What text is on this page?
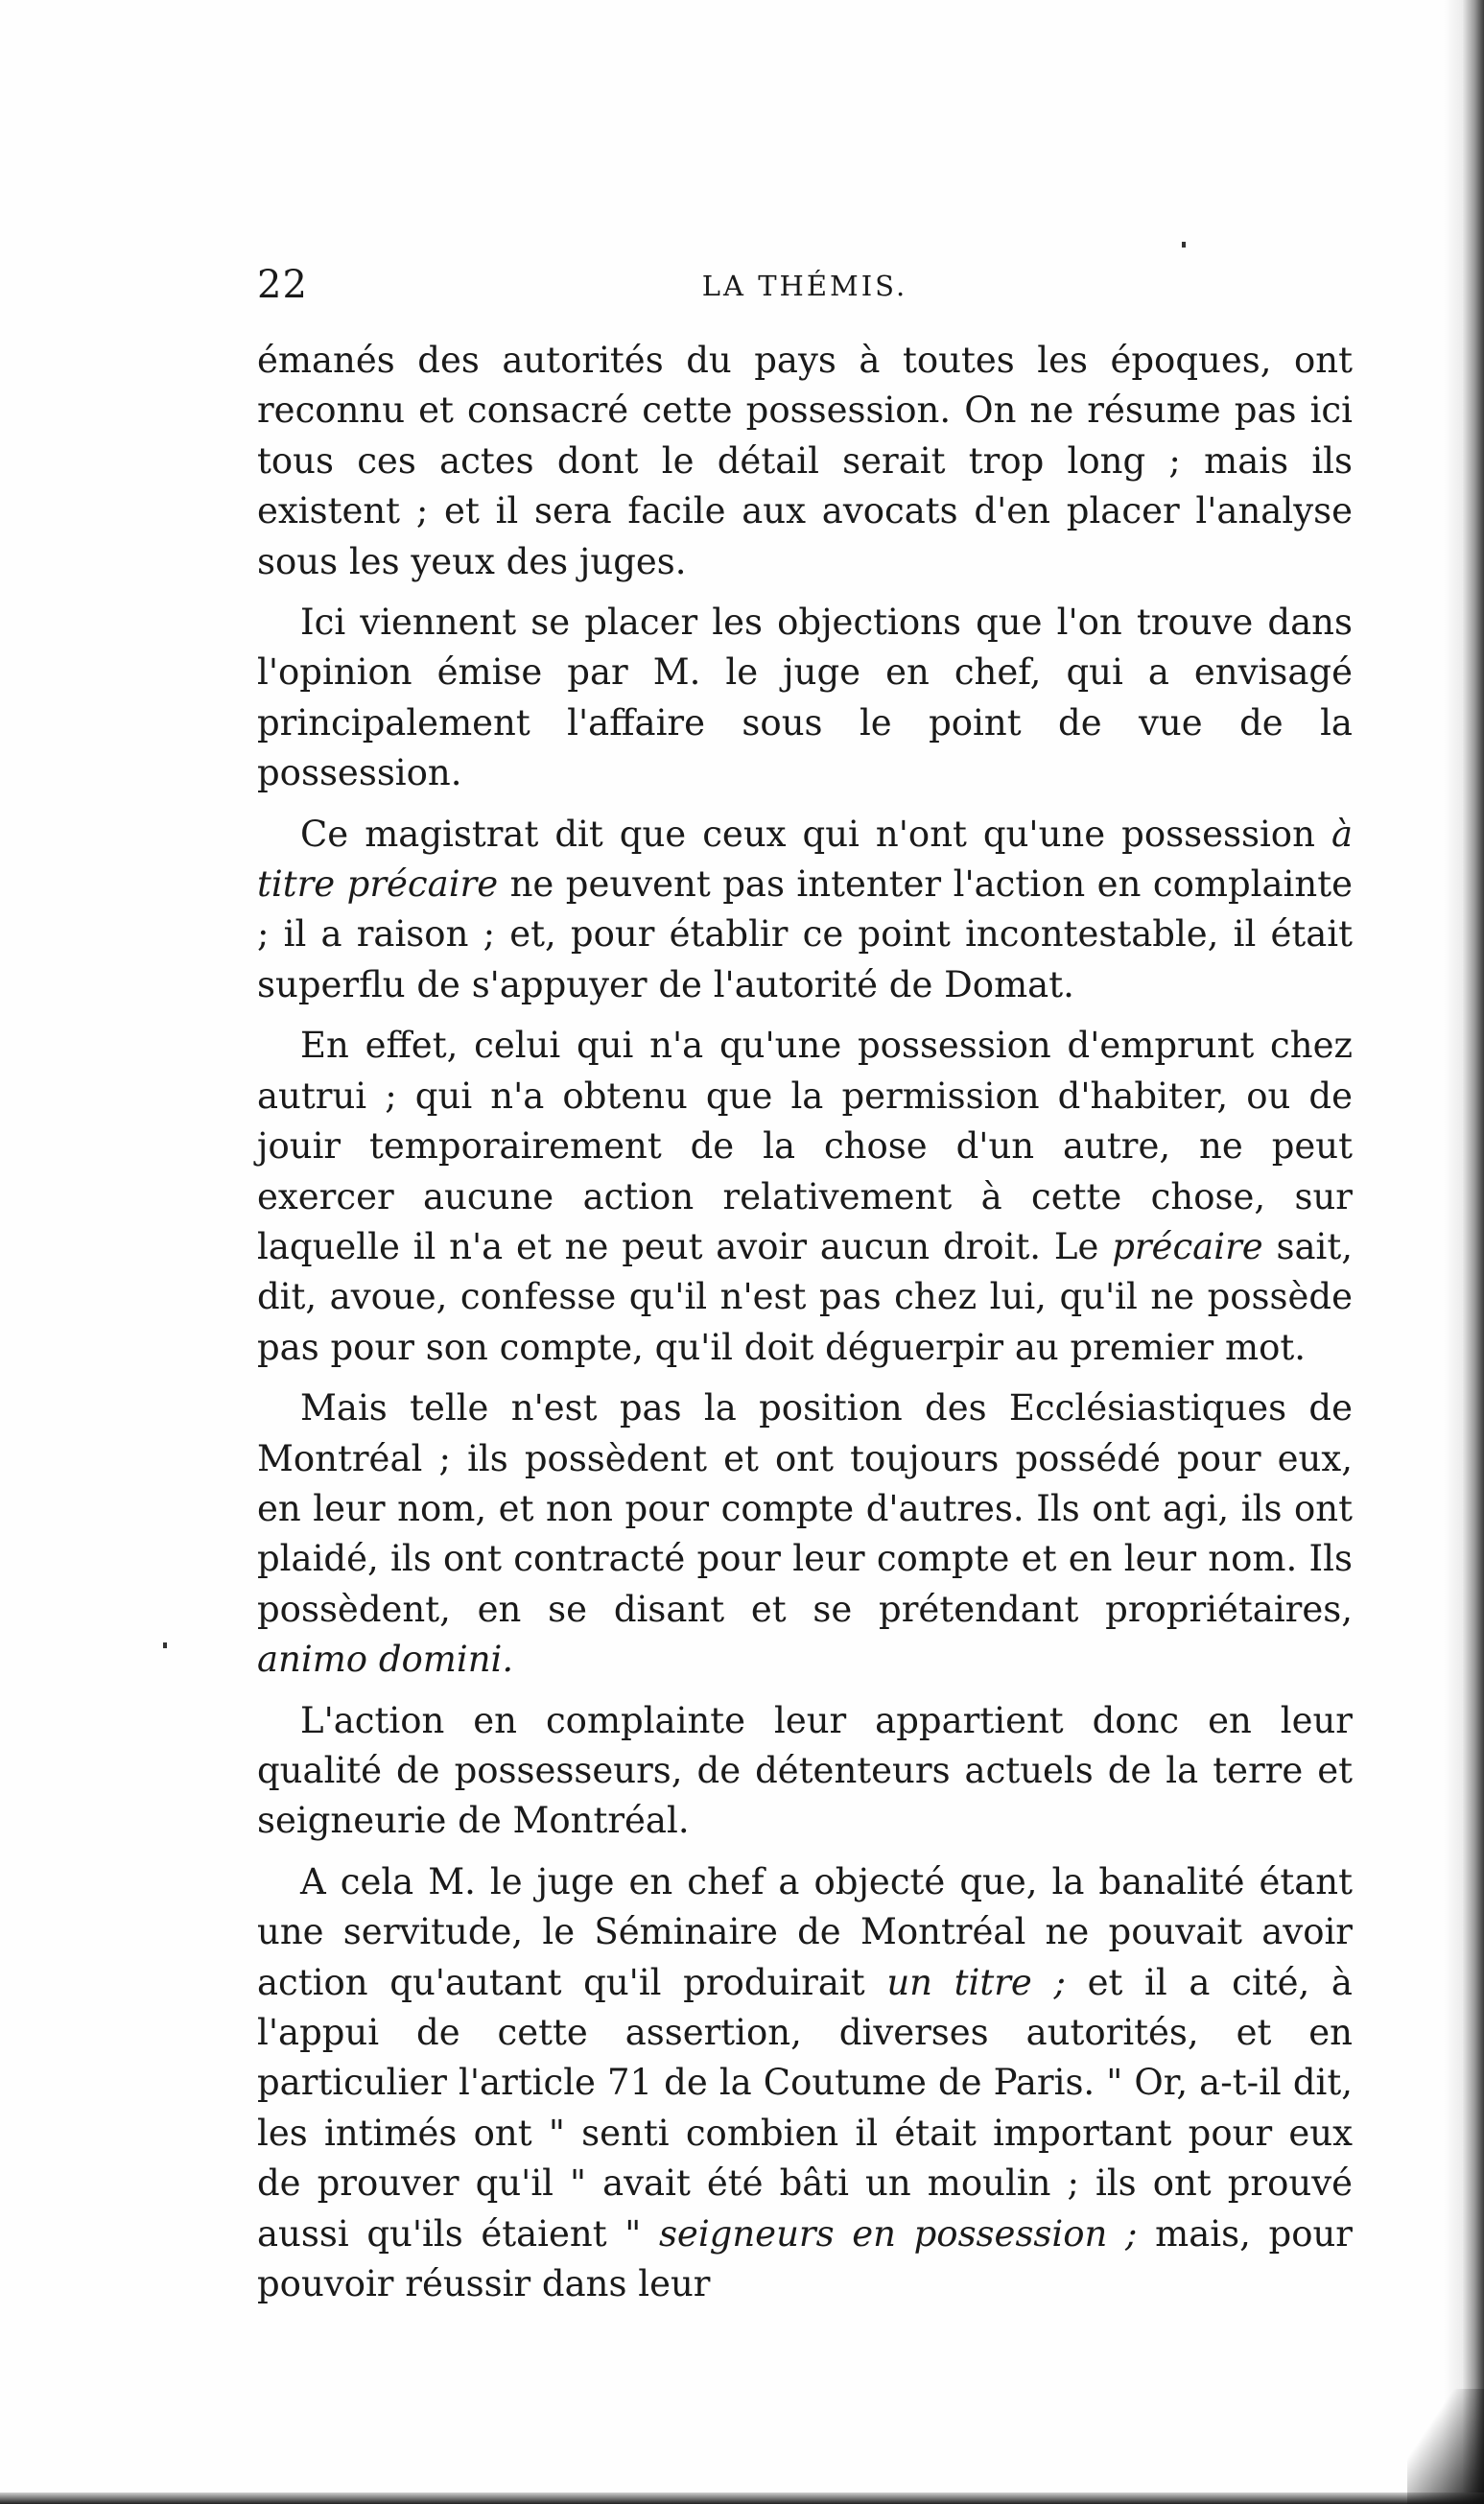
22	LA THÉMIS.

émanés des autorités du pays à toutes les époques, ont reconnu et consacré cette possession. On ne résume pas ici tous ces actes dont le détail serait trop long ; mais ils existent ; et il sera facile aux avocats d'en placer l'analyse sous les yeux des juges.

Ici viennent se placer les objections que l'on trouve dans l'opinion émise par M. le juge en chef, qui a envisagé principalement l'affaire sous le point de vue de la possession.

Ce magistrat dit que ceux qui n'ont qu'une possession à titre précaire ne peuvent pas intenter l'action en complainte ; il a raison ; et, pour établir ce point incontestable, il était superflu de s'appuyer de l'autorité de Domat.

En effet, celui qui n'a qu'une possession d'emprunt chez autrui ; qui n'a obtenu que la permission d'habiter, ou de jouir temporairement de la chose d'un autre, ne peut exercer aucune action relativement à cette chose, sur laquelle il n'a et ne peut avoir aucun droit. Le précaire sait, dit, avoue, confesse qu'il n'est pas chez lui, qu'il ne possède pas pour son compte, qu'il doit déguerpir au premier mot.

Mais telle n'est pas la position des Ecclésiastiques de Montréal ; ils possèdent et ont toujours possédé pour eux, en leur nom, et non pour compte d'autres. Ils ont agi, ils ont plaidé, ils ont contracté pour leur compte et en leur nom. Ils possèdent, en se disant et se prétendant propriétaires, animo domini.

L'action en complainte leur appartient donc en leur qualité de possesseurs, de détenteurs actuels de la terre et seigneurie de Montréal.

A cela M. le juge en chef a objecté que, la banalité étant une servitude, le Séminaire de Montréal ne pouvait avoir action qu'autant qu'il produirait un titre ; et il a cité, à l'appui de cette assertion, diverses autorités, et en particulier l'article 71 de la Coutume de Paris. " Or, a-t-il dit, les intimés ont " senti combien il était important pour eux de prouver qu'il " avait été bâti un moulin ; ils ont prouvé aussi qu'ils étaient " seigneurs en possession ; mais, pour pouvoir réussir dans leur
